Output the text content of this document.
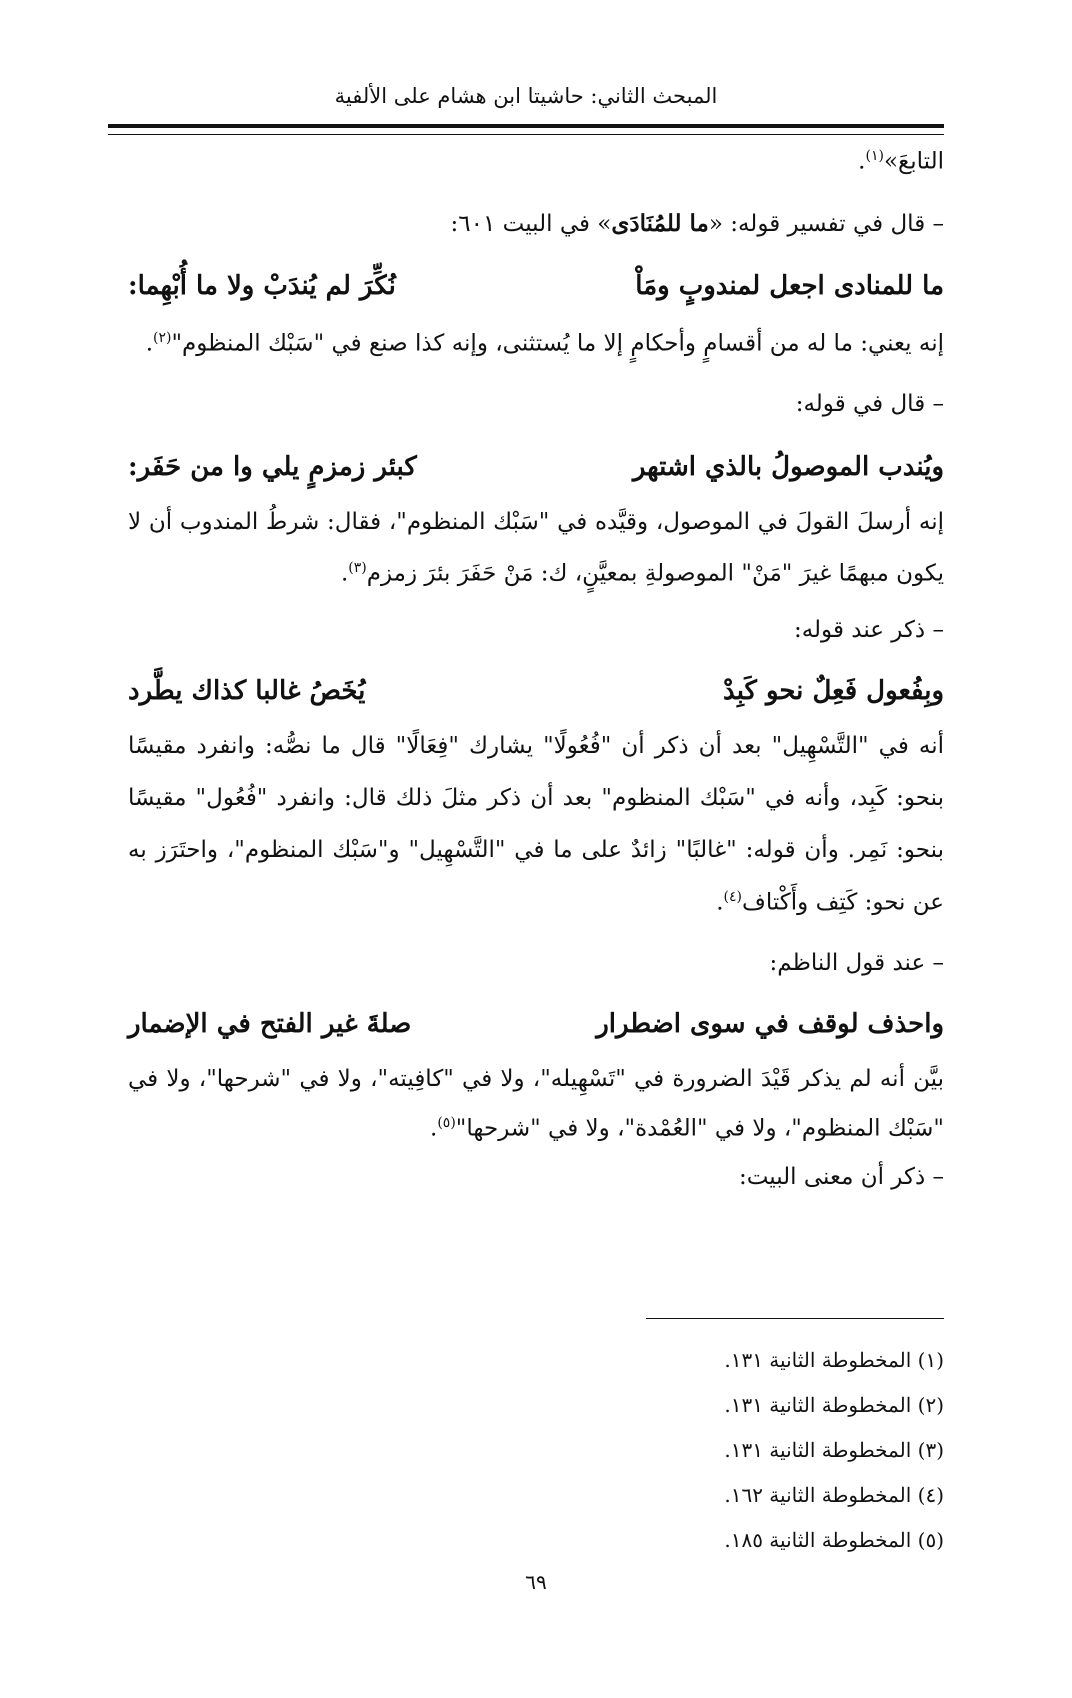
المبحث الثاني: حاشيتا ابن هشام على الألفية
التابعَ»$^{(١)}$.
– قال في تفسير قوله: «ما للمُنَادَى» في البيت ٦٠١:
ما للمنادى اجعل لمندوبٍ ومَاْ
نُكِّرَ لم يُندَبْ ولا ما أُبْهِما:
إنه يعني: ما له من أقسامٍ وأحكامٍ إلا ما يُستثنى، وإنه كذا صنع في "سَبْك المنظوم"$^{(٢)}$.
– قال في قوله:
ويُندب الموصولُ بالذي اشتهر
كبئر زمزمٍ يلي وا من حَفَر:
إنه أرسلَ القولَ في الموصول، وقيَّده في "سَبْك المنظوم"، فقال: شرطُ المندوب أن لا
يكون مبهمًا غيرَ "مَنْ" الموصولةِ بمعيَّنٍ، ك: مَنْ حَفَرَ بئرَ زمزم$^{(٣)}$.
– ذكر عند قوله:
وبِفُعول فَعِلٌ نحو كَبِدْ
يُخَصُ غالبا كذاك يطَّرد
أنه في "التَّسْهِيل" بعد أن ذكر أن "فُعُولًا" يشارك "فِعَالًا" قال ما نصُّه: وانفرد مقيسًا
بنحو: كَبِد، وأنه في "سَبْك المنظوم" بعد أن ذكر مثلَ ذلك قال: وانفرد "فُعُول" مقيسًا
بنحو: نَمِر. وأن قوله: "غالبًا" زائدٌ على ما في "التَّسْهِيل" و"سَبْك المنظوم"، واحتَرَز به
عن نحو: كَتِف وأَكْتاف$^{(٤)}$.
– عند قول الناظم:
واحذف لوقف في سوى اضطرار
صلةَ غير الفتح في الإضمار
بيَّن أنه لم يذكر قَيْدَ الضرورة في "تَسْهِيله"، ولا في "كافِيته"، ولا في "شرحها"، ولا في
"سَبْك المنظوم"، ولا في "العُمْدة"، ولا في "شرحها"$^{(٥)}$.
– ذكر أن معنى البيت:
(١) المخطوطة الثانية ١٣١.
(٢) المخطوطة الثانية ١٣١.
(٣) المخطوطة الثانية ١٣١.
(٤) المخطوطة الثانية ١٦٢.
(٥) المخطوطة الثانية ١٨٥.
٦٩
